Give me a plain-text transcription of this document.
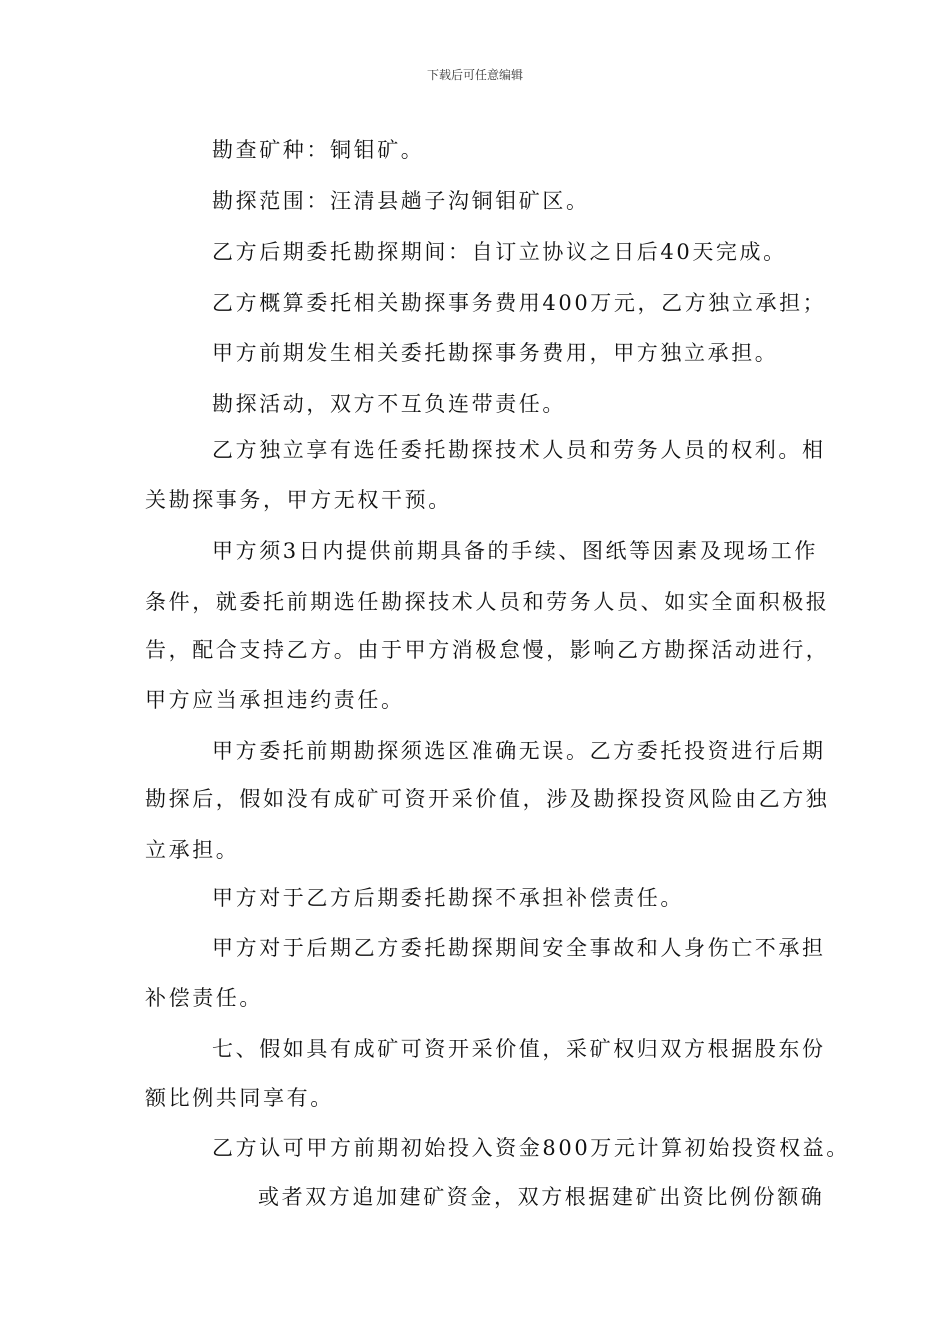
下载后可任意编辑
勘查矿种：铜钼矿。
勘探范围：汪清县趟子沟铜钼矿区。
乙方后期委托勘探期间：自订立协议之日后40天完成。
乙方概算委托相关勘探事务费用400万元，乙方独立承担；
甲方前期发生相关委托勘探事务费用，甲方独立承担。
勘探活动，双方不互负连带责任。
乙方独立享有选任委托勘探技术人员和劳务人员的权利。相
关勘探事务，甲方无权干预。
甲方须3日内提供前期具备的手续、图纸等因素及现场工作
条件，就委托前期选任勘探技术人员和劳务人员、如实全面积极报
告，配合支持乙方。由于甲方消极怠慢，影响乙方勘探活动进行，
甲方应当承担违约责任。
甲方委托前期勘探须选区准确无误。乙方委托投资进行后期
勘探后，假如没有成矿可资开采价值，涉及勘探投资风险由乙方独
立承担。
甲方对于乙方后期委托勘探不承担补偿责任。
甲方对于后期乙方委托勘探期间安全事故和人身伤亡不承担
补偿责任。
七、假如具有成矿可资开采价值，采矿权归双方根据股东份
额比例共同享有。
乙方认可甲方前期初始投入资金800万元计算初始投资权益。
或者双方追加建矿资金，双方根据建矿出资比例份额确
